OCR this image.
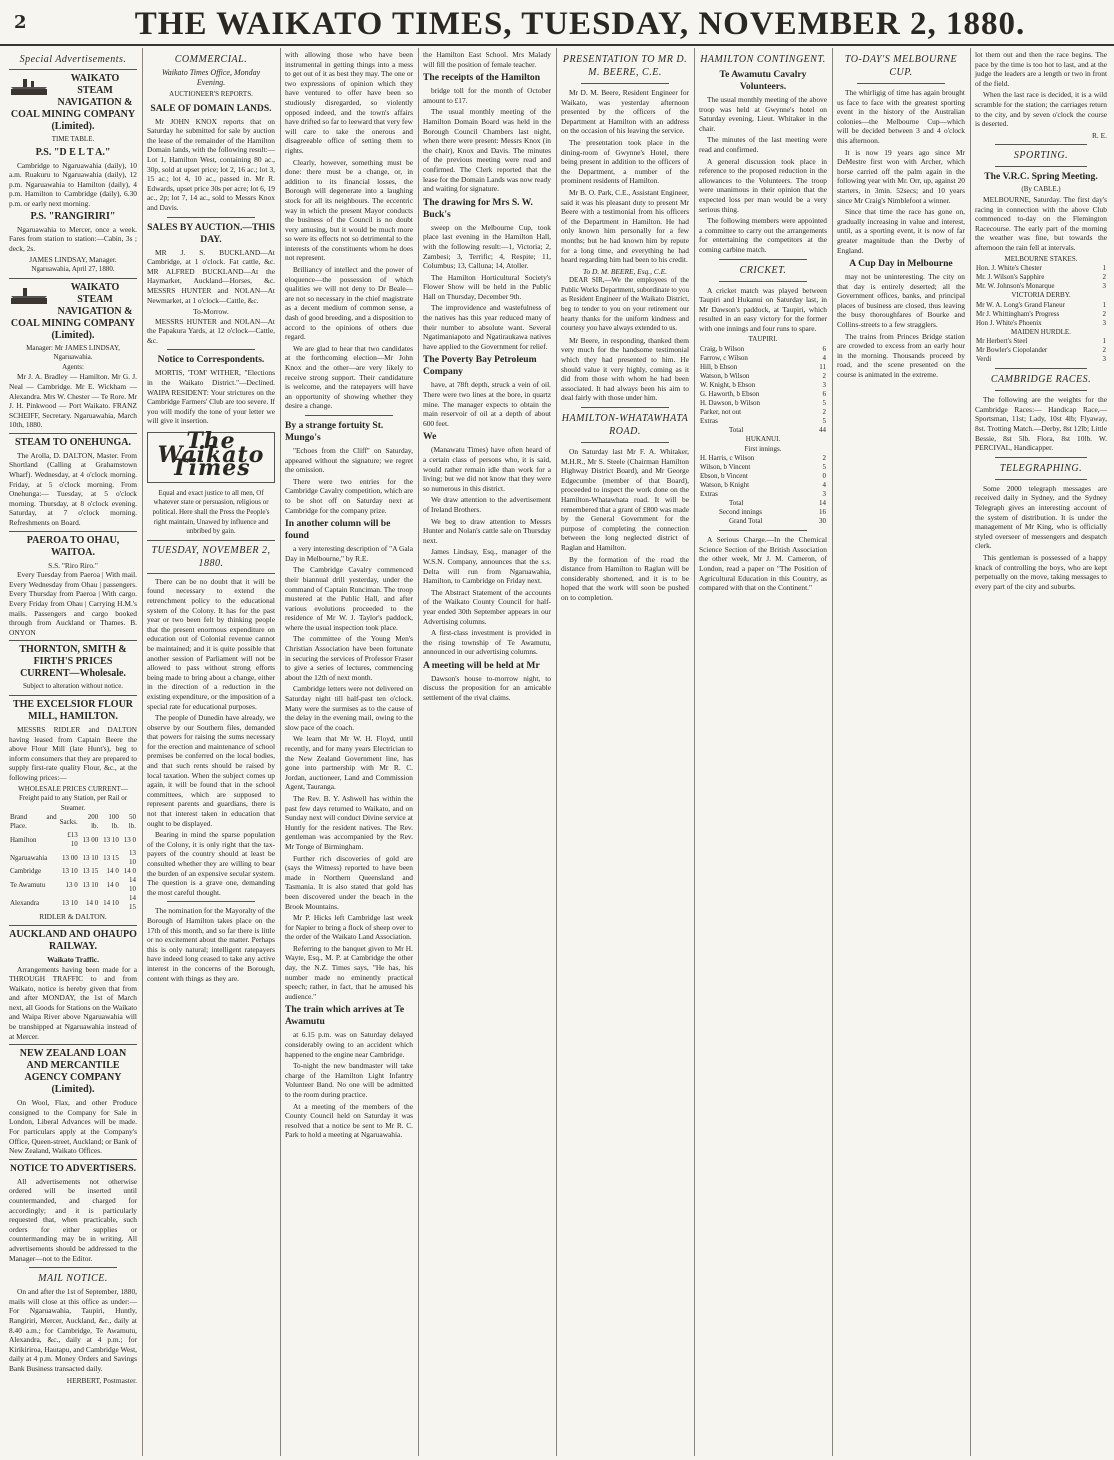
2	THE WAIKATO TIMES, TUESDAY, NOVEMBER 2, 1880.
Special Advertisements.
WAIKATO STEAM NAVIGATION & COAL MINING COMPANY (Limited).
TIME TABLE.
P.S. "D E L T A."

Cambridge to Ngaruawahia (daily), 10 a.m. Ruakuru to Ngaruawahia (daily), 12 p.m. Ngaruawahia to Hamilton (daily), 4 p.m. Hamilton to Cambridge (daily), 6.30 p.m. or early next morning.

P.S. "RANGIRIRI"

Ngaruawahia to Mercer, once a week. Fares from station to station:—Cabin, 3s ; deck, 2s.

JAMES LINDSAY, Manager.
Ngaruawahia, April 27, 1880.
WAIKATO STEAM NAVIGATION & COAL MINING COMPANY (Limited).
Manager: Mr JAMES LINDSAY, Ngaruawahia.
Agents:

Mr J. A. Bradley — Hamilton. Mr G. J. Neal — Cambridge. Mr E. Wickham — Alexandra. Mrs W. Chester — Te Rore. Mr J. H. Pinkwood — Port Waikato. FRANZ SCHEIFF, Secretary. Ngaruawahia, March 10th, 1880.

STEAM TO ONEHUNGA.

The Arolla, D. DALTON, Master. From Shortland (Calling at Grahamstown Wharf). Wednesday, at 4 o'clock morning. Friday, at 5 o'clock morning. From Onehunga:— Tuesday, at 5 o'clock morning. Thursday, at 8 o'clock evening. Saturday, at 7 o'clock morning. Refreshments on Board.

PAEROA TO OHAU, WAITOA.
S.S. "Riro Riro."

Every Tuesday from Paeroa | With mail. Every Wednesday from Ohau | passengers. Every Thursday from Paeroa | With cargo. Every Friday from Ohau | Carrying H.M.'s mails. Passengers and cargo booked through from Auckland or Thames. B. ONYON

THORNTON, SMITH & FIRTH'S PRICES CURRENT—Wholesale.
Subject to alteration without notice.
THE EXCELSIOR FLOUR MILL, HAMILTON.

MESSRS RIDLER and DALTON having leased from Captain Beere the above Flour Mill (late Hunt's), beg to inform consumers that they are prepared to supply first-rate quality Flour, &c., at the following prices:—

WHOLESALE PRICES CURRENT— Freight paid to any Station, per Rail or Steamer.
Brand and Place.	Sacks.	200 lb.	100 lb.	50 lb.
Hamilton	£13 10	13 00	13 10	13 0
Ngaruawahia	13 00	13 10	13 15	13 10
Cambridge	13 10	13 15	14 0	14 0
Te Awamutu	13 0	13 10	14 0	14 10
Alexandra	13 10	14 0	14 10	14 15
RIDLER & DALTON.
AUCKLAND AND OHAUPO RAILWAY.
Waikato Traffic.

Arrangements having been made for a THROUGH TRAFFIC to and from Waikato, notice is hereby given that from and after MONDAY, the 1st of March next, all Goods for Stations on the Waikato and Waipa River above Ngaruawahia will be transhipped at Ngaruawahia instead of at Mercer.

NEW ZEALAND LOAN AND MERCANTILE AGENCY COMPANY (Limited).

On Wool, Flax, and other Produce consigned to the Company for Sale in London, Liberal Advances will be made. For particulars apply at the Company's Office, Queen-street, Auckland; or Bank of New Zealand, Waikato Offices.

NOTICE TO ADVERTISERS.

All advertisements not otherwise ordered will be inserted until countermanded, and charged for accordingly; and it is particularly requested that, when practicable, such orders for either supplies or countermanding may be in writing. All advertisements should be addressed to the Manager—not to the Editor.

MAIL NOTICE.

On and after the 1st of September, 1880, mails will close at this office as under:—For Ngaruawahia, Taupiri, Huntly, Rangiriri, Mercer, Auckland, &c., daily at 8.40 a.m.; for Cambridge, Te Awamutu, Alexandra, &c., daily at 4 p.m.; for Kirikiriroa, Hautapu, and Cambridge West, daily at 4 p.m. Money Orders and Savings Bank Business transacted daily.

HERBERT, Postmaster.
COMMERCIAL.
Waikato Times Office, Monday Evening.
AUCTIONEER'S REPORTS.
SALE OF DOMAIN LANDS.

Mr JOHN KNOX reports that on Saturday he submitted for sale by auction the lease of the remainder of the Hamilton Domain lands, with the following result:—Lot 1, Hamilton West, containing 80 ac., 30p, sold at upset price; lot 2, 16 ac.; lot 3, 15 ac.; lot 4, 10 ac., passed in. Mr R. Edwards, upset price 30s per acre; lot 6, 19 ac., 2p; lot 7, 14 ac., sold to Messrs Knox and Davis.

SALES BY AUCTION.—THIS DAY.

MR J. S. BUCKLAND—At Cambridge, at 1 o'clock. Fat cattle, &c. MR ALFRED BUCKLAND—At the Haymarket, Auckland—Horses, &c. MESSRS HUNTER and NOLAN—At Newmarket, at 1 o'clock—Cattle, &c.

To-Morrow.

MESSRS HUNTER and NOLAN—At the Papakura Yards, at 12 o'clock—Cattle, &c.

Notice to Correspondents.

MORTIS, 'TOM' WITHER, "Elections in the Waikato District."—Declined. WAIPA RESIDENT: Your strictures on the Cambridge Farmers' Club are too severe. If you will modify the tone of your letter we will give it insertion.

The Waikato Times

Equal and exact justice to all men, Of whatever state or persuasion, religious or political. Here shall the Press the People's right maintain, Unawed by influence and unbribed by gain.

TUESDAY, NOVEMBER 2, 1880.

There can be no doubt that it will be found necessary to extend the retrenchment policy to the educational system of the Colony. It has for the past year or two been felt by thinking people that the present enormous expenditure on education out of Colonial revenue cannot be maintained; and it is quite possible that another session of Parliament will not be allowed to pass without strong efforts being made to bring about a change, either in the direction of a reduction in the existing expenditure, or the imposition of a special rate for educational purposes.

The people of Dunedin have already, we observe by our Southern files, demanded that powers for raising the sums necessary for the erection and maintenance of school premises be conferred on the local bodies, and that such rents should be raised by local taxation. When the subject comes up again, it will be found that in the school committees, which are supposed to represent parents and guardians, there is not that interest taken in education that ought to be displayed.

Bearing in mind the sparse population of the Colony, it is only right that the tax-payers of the country should at least be consulted whether they are willing to bear the burden of an expensive secular system. The question is a grave one, demanding the most careful thought.

The nomination for the Mayoralty of the Borough of Hamilton takes place on the 17th of this month, and so far there is little or no excitement about the matter. Perhaps this is only natural; intelligent ratepayers have indeed long ceased to take any active interest in the concerns of the Borough, content with things as they are.

with allowing those who have been instrumental in getting things into a mess to get out of it as best they may. The one or two expressions of opinion which they have ventured to offer have been so studiously disregarded, so violently opposed indeed, and the town's affairs have drifted so far to leeward that very few will care to take the onerous and disagreeable office of setting them to rights.

Clearly, however, something must be done: there must be a change, or, in addition to its financial losses, the Borough will degenerate into a laughing stock for all its neighbours. The eccentric way in which the present Mayor conducts the business of the Council is no doubt very amusing, but it would be much more so were its effects not so detrimental to the interests of the constituents whom he does not represent.

Brilliancy of intellect and the power of eloquence—the possession of which qualities we will not deny to Dr Beale—are not so necessary in the chief magistrate as a decent medium of common sense, a dash of good breeding, and a disposition to accord to the opinions of others due regard.

We are glad to hear that two candidates at the forthcoming election—Mr John Knox and the other—are very likely to receive strong support. Their candidature is welcome, and the ratepayers will have an opportunity of showing whether they desire a change.

By a strange fortuity St. Mungo's

"Echoes from the Cliff" on Saturday, appeared without the signature; we regret the omission.

There were two entries for the Cambridge Cavalry competition, which are to be shot off on Saturday next at Cambridge for the company prize.

In another column will be found

a very interesting description of "A Gala Day in Melbourne," by R.E.

The Cambridge Cavalry commenced their biannual drill yesterday, under the command of Captain Runciman. The troop mustered at the Public Hall, and after various evolutions proceeded to the residence of Mr W. J. Taylor's paddock, where the usual inspection took place.

The committee of the Young Men's Christian Association have been fortunate in securing the services of Professor Fraser to give a series of lectures, commencing about the 12th of next month.

Cambridge letters were not delivered on Saturday night till half-past ten o'clock. Many were the surmises as to the cause of the delay in the evening mail, owing to the slow pace of the coach.

We learn that Mr W. H. Floyd, until recently, and for many years Electrician to the New Zealand Government line, has gone into partnership with Mr R. C. Jordan, auctioneer, Land and Commission Agent, Tauranga.

The Rev. B. Y. Ashwell has within the past few days returned to Waikato, and on Sunday next will conduct Divine service at Huntly for the resident natives. The Rev. gentleman was accompanied by the Rev. Mr Tonge of Birmingham.

Further rich discoveries of gold are (says the Witness) reported to have been made in Northern Queensland and Tasmania. It is also stated that gold has been discovered under the beach in the Brook Mountains.

Mr P. Hicks left Cambridge last week for Napier to bring a flock of sheep over to the order of the Waikato Land Association.

Referring to the banquet given to Mr H. Wayte, Esq., M. P. at Cambridge the other day, the N.Z. Times says, "He has, his number made no eminently practical speech; rather, in fact, that he amused his audience."

The train which arrives at Te Awamutu

at 6.15 p.m. was on Saturday delayed considerably owing to an accident which happened to the engine near Cambridge.

To-night the new bandmaster will take charge of the Hamilton Light Infantry Volunteer Band. No one will be admitted to the room during practice.

At a meeting of the members of the County Council held on Saturday it was resolved that a notice be sent to Mr R. C. Park to hold a meeting at Ngaruawahia.

the Hamilton East School. Mrs Malady will fill the position of female teacher.

The receipts of the Hamilton

bridge toll for the month of October amount to £17.

The usual monthly meeting of the Hamilton Domain Board was held in the Borough Council Chambers last night, when there were present: Messrs Knox (in the chair), Knox and Davis. The minutes of the previous meeting were read and confirmed. The Clerk reported that the lease for the Domain Lands was now ready and waiting for signature.

The drawing for Mrs S. W. Buck's

sweep on the Melbourne Cup, took place last evening in the Hamilton Hall, with the following result:—1, Victoria; 2, Zambesi; 3, Terrific; 4, Respite; 11, Columbus; 13, Calluna; 14, Atoller.

The Hamilton Horticultural Society's Flower Show will be held in the Public Hall on Thursday, December 9th.

The improvidence and wastefulness of the natives has this year reduced many of their number to absolute want. Several Ngatimaniapoto and Ngatiraukawa natives have applied to the Government for relief.

The Poverty Bay Petroleum Company

have, at 78ft depth, struck a vein of oil. There were two lines at the bore, in quartz mine. The manager expects to obtain the main reservoir of oil at a depth of about 600 feet.

We

(Manawatu Times) have often heard of a certain class of persons who, it is said, would rather remain idle than work for a living; but we did not know that they were so numerous in this district.

We draw attention to the advertisement of Ireland Brothers.

We beg to draw attention to Messrs Hunter and Nolan's cattle sale on Thursday next.

James Lindsay, Esq., manager of the W.S.N. Company, announces that the s.s. Delta will run from Ngaruawahia, Hamilton, to Cambridge on Friday next.

The Abstract Statement of the accounts of the Waikato County Council for half-year ended 30th September appears in our Advertising columns.

A first-class investment is provided in the rising township of Te Awamutu, announced in our advertising columns.

A meeting will be held at Mr

Dawson's house to-morrow night, to discuss the proposition for an amicable settlement of the rival claims.

PRESENTATION TO MR D. M. BEERE, C.E.

Mr D. M. Beere, Resident Engineer for Waikato, was yesterday afternoon presented by the officers of the Department at Hamilton with an address on the occasion of his leaving the service.

The presentation took place in the dining-room of Gwynne's Hotel, there being present in addition to the officers of the Department, a number of the prominent residents of Hamilton.

Mr B. O. Park, C.E., Assistant Engineer, said it was his pleasant duty to present Mr Beere with a testimonial from his officers of the Department in Hamilton. He had only known him personally for a few months; but he had known him by repute for a long time, and everything he had heard regarding him had been to his credit.

To D. M. BEERE, Esq., C.E.

DEAR SIR,—We the employees of the Public Works Department, subordinate to you as Resident Engineer of the Waikato District, beg to tender to you on your retirement our hearty thanks for the uniform kindness and courtesy you have always extended to us.

Mr Beere, in responding, thanked them very much for the handsome testimonial which they had presented to him. He should value it very highly, coming as it did from those with whom he had been associated. It had always been his aim to deal fairly with those under him.

HAMILTON-WHATAWHATA ROAD.

On Saturday last Mr F. A. Whitaker, M.H.R., Mr S. Steele (Chairman Hamilton Highway District Board), and Mr George Edgecumbe (member of that Board), proceeded to inspect the work done on the Hamilton-Whatawhata road. It will be remembered that a grant of £800 was made by the General Government for the purpose of completing the connection between the long neglected district of Raglan and Hamilton.

By the formation of the road the distance from Hamilton to Raglan will be considerably shortened, and it is to be hoped that the work will soon be pushed on to completion.

HAMILTON CONTINGENT.
Te Awamutu Cavalry Volunteers.

The usual monthly meeting of the above troop was held at Gwynne's hotel on Saturday evening, Lieut. Whitaker in the chair.

The minutes of the last meeting were read and confirmed.

A general discussion took place in reference to the proposed reduction in the allowances to the Volunteers. The troop were unanimous in their opinion that the expected loss per man would be a very serious thing.

The following members were appointed a committee to carry out the arrangements for entertaining the competitors at the coming carbine match.

CRICKET.

A cricket match was played between Taupiri and Hukanui on Saturday last, in Mr Dawson's paddock, at Taupiri, which resulted in an easy victory for the former with one innings and four runs to spare.

TAUPIRI.
Craig, b Wilson	6
Farrow, c Wilson	4
Hill, b Ebson	11
Watson, b Wilson	2
W. Knight, b Ebson	3
G. Haworth, b Ebson	6
H. Dawson, b Wilson	5
Parker, not out	2
Extras	5
Total	44
HUKANUI.
First innings.
H. Harris, c Wilson	2
Wilson, b Vincent	5
Ebson, b Vincent	0
Watson, b Knight	4
Extras	3
Total	14
Second innings	16
Grand Total	30

A Serious Charge.—In the Chemical Science Section of the British Association the other week, Mr J. M. Cameron, of London, read a paper on "The Position of Agricultural Education in this Country, as compared with that on the Continent."

TO-DAY'S MELBOURNE CUP.

The whirligig of time has again brought us face to face with the greatest sporting event in the history of the Australian colonies—the Melbourne Cup—which will be decided between 3 and 4 o'clock this afternoon.

It is now 19 years ago since Mr DeMestre first won with Archer, which horse carried off the palm again in the following year with Mr. Orr, up, against 20 starters, in 3min. 52secs; and 10 years since Mr Craig's Nimblefoot a winner.

Since that time the race has gone on, gradually increasing in value and interest, until, as a sporting event, it is now of far greater magnitude than the Derby of England.

A Cup Day in Melbourne

may not be uninteresting. The city on that day is entirely deserted; all the Government offices, banks, and principal places of business are closed, thus leaving the busy thoroughfares of Bourke and Collins-streets to a few stragglers.

The trains from Princes Bridge station are crowded to excess from an early hour in the morning. Thousands proceed by road, and the scene presented on the course is animated in the extreme.

lot them out and then the race begins. The pace by the time is too hot to last, and at the judge the leaders are a length or two in front of the field.

When the last race is decided, it is a wild scramble for the station; the carriages return to the city, and by seven o'clock the course is deserted.

R. E.
SPORTING.
The V.R.C. Spring Meeting.
(By CABLE.)

MELBOURNE, Saturday. The first day's racing in connection with the above Club commenced to-day on the Flemington Racecourse. The early part of the morning the weather was fine, but towards the afternoon the rain fell at intervals.

MELBOURNE STAKES.
Hon. J. White's Chester	1
Mr. J. Wilson's Sapphire	2
Mr. W. Johnson's Monarque	3
VICTORIA DERBY.
Mr W. A. Long's Grand Flaneur	1
Mr J. Whittingham's Progress	2
Hon J. White's Phoenix	3
MAIDEN HURDLE.
Mr Herbert's Steel	1
Mr Bowler's Ciopolander	2
Verdi	3
CAMBRIDGE RACES.

The following are the weights for the Cambridge Races:— Handicap Race,—Sportsman, 11st; Lady, 10st 4lb; Flyaway, 8st. Trotting Match.—Derby, 8st 12lb; Little Bessie, 8st 5lb. Flora, 8st 10lb. W. PERCIVAL, Handicapper.

TELEGRAPHING.

Some 2000 telegraph messages are received daily in Sydney, and the Sydney Telegraph gives an interesting account of the system of distribution. It is under the management of Mr King, who is officially styled overseer of messengers and despatch clerk.

This gentleman is possessed of a happy knack of controlling the boys, who are kept perpetually on the move, taking messages to every part of the city and suburbs.
